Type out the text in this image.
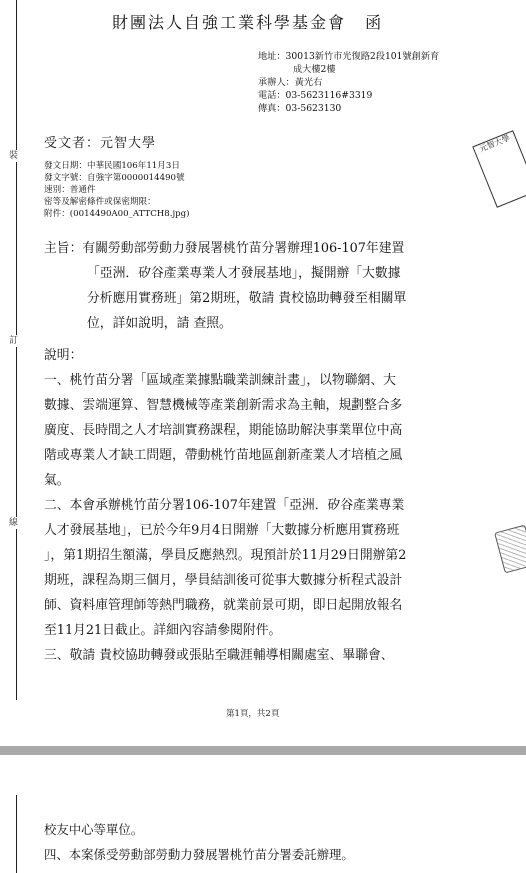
裝
訂
線
財團法人自強工業科學基金會 函
地址：30013新竹市光復路2段101號創新育
成大樓2樓
承辦人：黃光右
電話：03-5623116#3319
傳真：03-5623130
元智大學
受文者：元智大學
發文日期：中華民國106年11月3日
發文字號：自強字第0000014490號
速別：普通件
密等及解密條件或保密期限：
附件：(0014490A00_ATTCH8.jpg)
主旨：有關勞動部勞動力發展署桃竹苗分署辦理106-107年建置
「亞洲．矽谷產業專業人才發展基地」，擬開辦「大數據
分析應用實務班」第2期班，敬請 貴校協助轉發至相關單
位，詳如說明，請 查照。
說明：
一、桃竹苗分署「區域產業據點職業訓練計畫」，以物聯網、大
數據、雲端運算、智慧機械等產業創新需求為主軸，規劃整合多
廣度、長時間之人才培訓實務課程，期能協助解決事業單位中高
階或專業人才缺工問題，帶動桃竹苗地區創新產業人才培植之風
氣。
二、本會承辦桃竹苗分署106-107年建置「亞洲．矽谷產業專業
人才發展基地」，已於今年9月4日開辦「大數據分析應用實務班
」，第1期招生額滿，學員反應熱烈。現預計於11月29日開辦第2
期班，課程為期三個月，學員結訓後可從事大數據分析程式設計
師、資料庫管理師等熱門職務，就業前景可期，即日起開放報名
至11月21日截止。詳細內容請參閱附件。
三、敬請 貴校協助轉發或張貼至職涯輔導相關處室、畢聯會、
第1頁，共2頁
校友中心等單位。
四、本案係受勞動部勞動力發展署桃竹苗分署委託辦理。
